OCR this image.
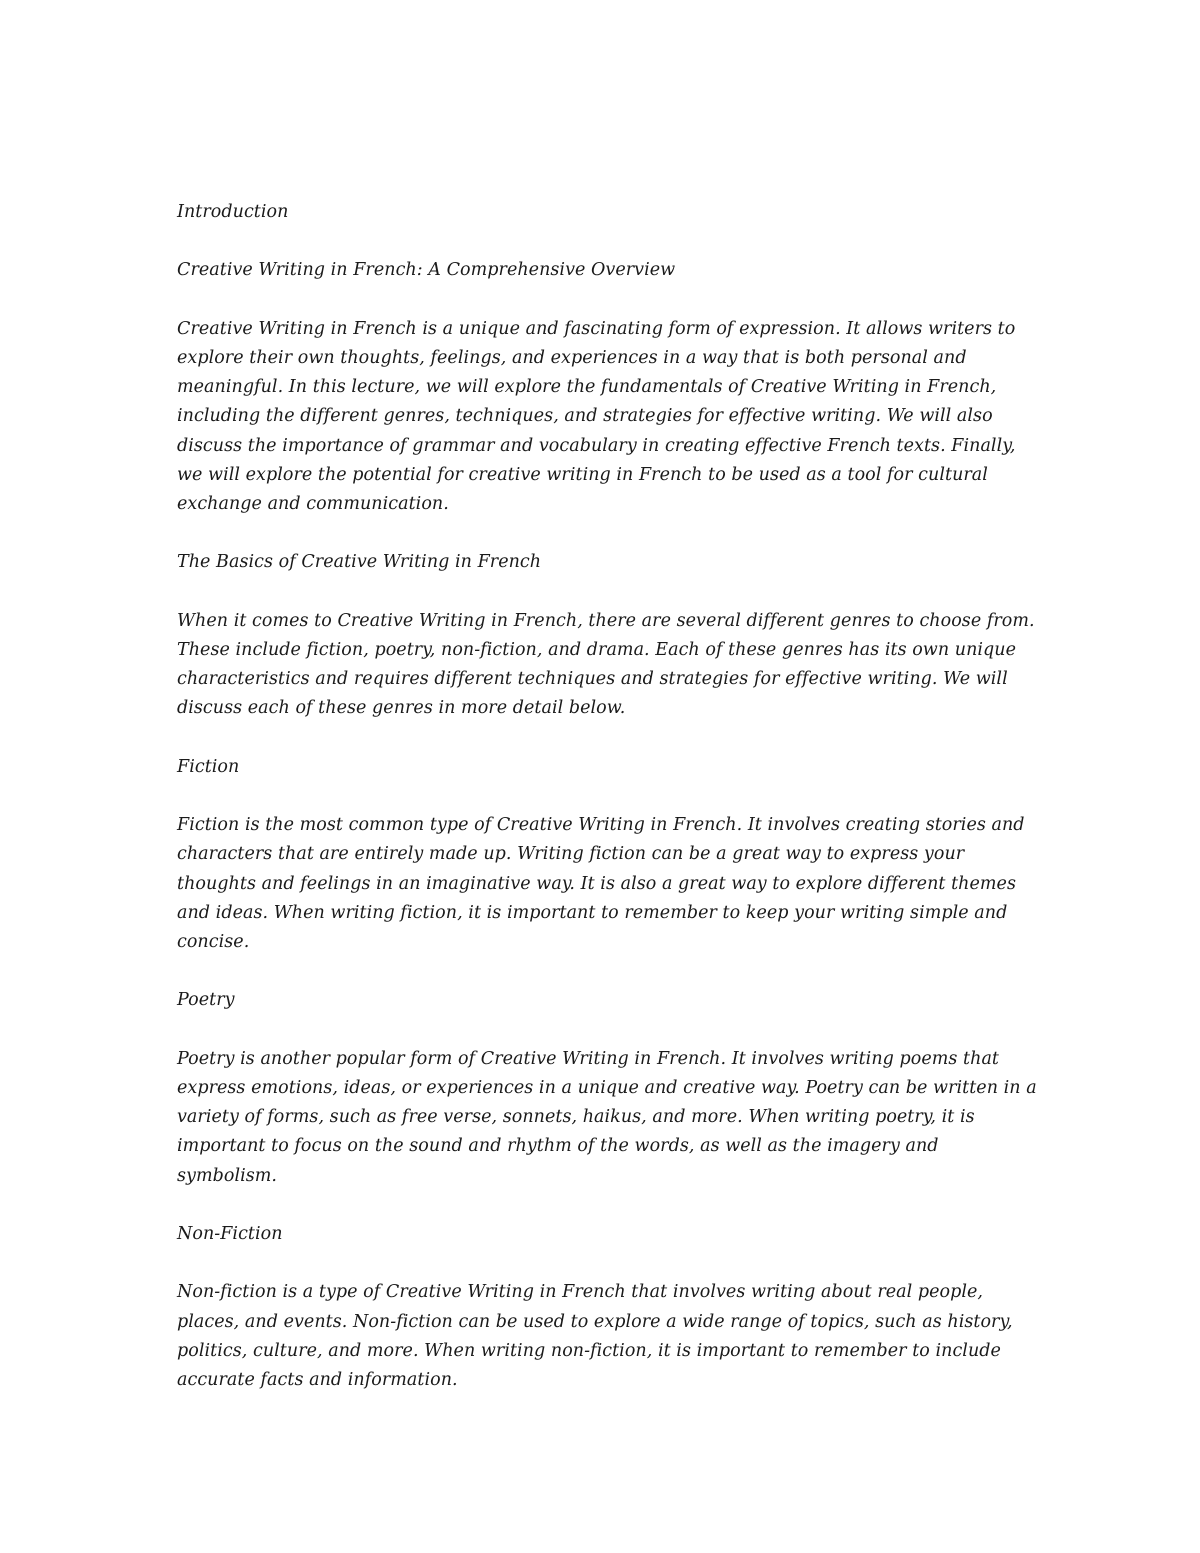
Introduction

Creative Writing in French: A Comprehensive Overview

Creative Writing in French is a unique and fascinating form of expression. It allows writers to explore their own thoughts, feelings, and experiences in a way that is both personal and meaningful. In this lecture, we will explore the fundamentals of Creative Writing in French, including the different genres, techniques, and strategies for effective writing. We will also discuss the importance of grammar and vocabulary in creating effective French texts. Finally, we will explore the potential for creative writing in French to be used as a tool for cultural exchange and communication.

The Basics of Creative Writing in French

When it comes to Creative Writing in French, there are several different genres to choose from. These include fiction, poetry, non-fiction, and drama. Each of these genres has its own unique characteristics and requires different techniques and strategies for effective writing. We will discuss each of these genres in more detail below.

Fiction

Fiction is the most common type of Creative Writing in French. It involves creating stories and characters that are entirely made up. Writing fiction can be a great way to express your thoughts and feelings in an imaginative way. It is also a great way to explore different themes and ideas. When writing fiction, it is important to remember to keep your writing simple and concise.

Poetry

Poetry is another popular form of Creative Writing in French. It involves writing poems that express emotions, ideas, or experiences in a unique and creative way. Poetry can be written in a variety of forms, such as free verse, sonnets, haikus, and more. When writing poetry, it is important to focus on the sound and rhythm of the words, as well as the imagery and symbolism.

Non-Fiction

Non-fiction is a type of Creative Writing in French that involves writing about real people, places, and events. Non-fiction can be used to explore a wide range of topics, such as history, politics, culture, and more. When writing non-fiction, it is important to remember to include accurate facts and information.
